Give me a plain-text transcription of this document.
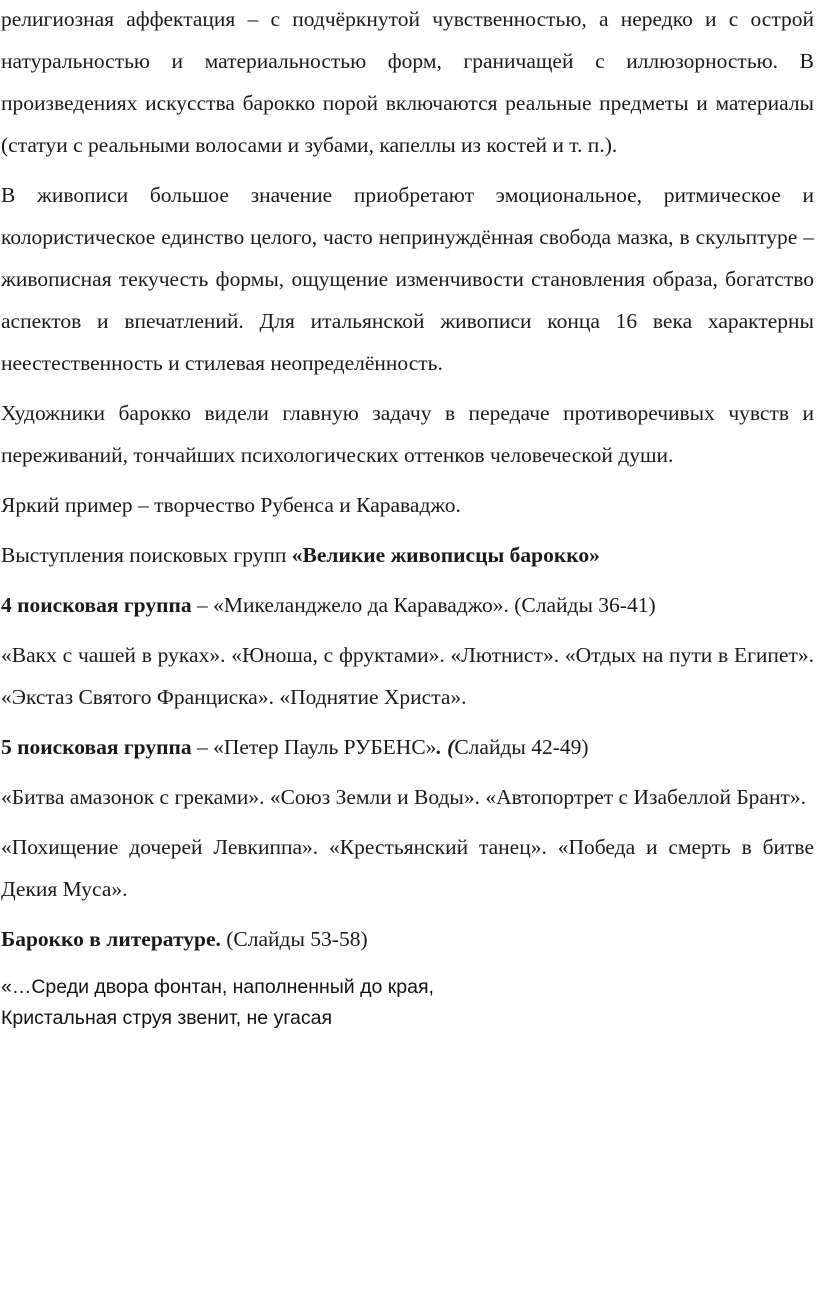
религиозная аффектация – с подчёркнутой чувственностью, а нередко и с острой натуральностью и материальностью форм, граничащей с иллюзорностью. В произведениях искусства барокко порой включаются реальные предметы и материалы (статуи с реальными волосами и зубами, капеллы из костей и т. п.).

В живописи большое значение приобретают эмоциональное, ритмическое и колористическое единство целого, часто непринуждённая свобода мазка, в скульптуре – живописная текучесть формы, ощущение изменчивости становления образа, богатство аспектов и впечатлений. Для итальянской живописи конца 16 века характерны неестественность и стилевая неопределённость.

Художники барокко видели главную задачу в передаче противоречивых чувств и переживаний, тончайших психологических оттенков человеческой души.

Яркий пример – творчество Рубенса и Караваджо.

Выступления поисковых групп «Великие живописцы барокко»

4 поисковая группа – «Микеланджело да Караваджо». (Слайды 36-41)

«Вакх с чашей в руках». «Юноша, с фруктами». «Лютнист». «Отдых на пути в Египет». «Экстаз Святого Франциска». «Поднятие Христа».

5 поисковая группа – «Петер Пауль РУБЕНС». (Слайды 42-49)

«Битва амазонок с греками». «Союз Земли и Воды». «Автопортрет с Изабеллой Брант».

«Похищение дочерей Левкиппа». «Крестьянский танец». «Победа и смерть в битве Декия Муса».

Барокко в литературе. (Слайды 53-58)

«…Среди двора фонтан, наполненный до края,
Кристальная струя звенит, не угасая
